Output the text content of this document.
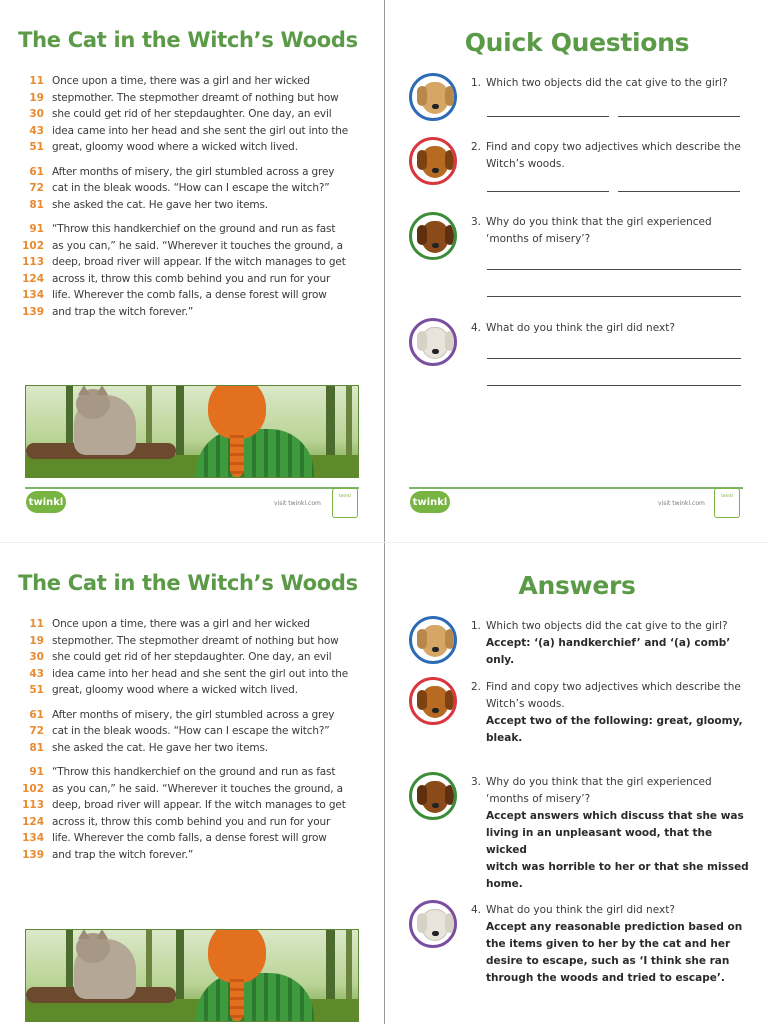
The Cat in the Witch’s Woods
11 Once upon a time, there was a girl and her wicked
19 stepmother. The stepmother dreamt of nothing but how
30 she could get rid of her stepdaughter. One day, an evil
43 idea came into her head and she sent the girl out into the
51 great, gloomy wood where a wicked witch lived.
61 After months of misery, the girl stumbled across a grey
72 cat in the bleak woods. “How can I escape the witch?”
81 she asked the cat. He gave her two items.
91 “Throw this handkerchief on the ground and run as fast
102 as you can,” he said. “Wherever it touches the ground, a
113 deep, broad river will appear. If the witch manages to get
124 across it, throw this comb behind you and run for your
134 life. Wherever the comb falls, a dense forest will grow
139 and trap the witch forever.”
twinkl	visit twinkl.com
twinkl
Quick Questions
1. Which two objects did the cat give to the girl?
2. Find and copy two adjectives which describe the
Witch’s woods.
3. Why do you think that the girl experienced
‘months of misery’?
4. What do you think the girl did next?
twinkl	visit twinkl.com
twinkl
The Cat in the Witch’s Woods
11 Once upon a time, there was a girl and her wicked
19 stepmother. The stepmother dreamt of nothing but how
30 she could get rid of her stepdaughter. One day, an evil
43 idea came into her head and she sent the girl out into the
51 great, gloomy wood where a wicked witch lived.
61 After months of misery, the girl stumbled across a grey
72 cat in the bleak woods. “How can I escape the witch?”
81 she asked the cat. He gave her two items.
91 “Throw this handkerchief on the ground and run as fast
102 as you can,” he said. “Wherever it touches the ground, a
113 deep, broad river will appear. If the witch manages to get
124 across it, throw this comb behind you and run for your
134 life. Wherever the comb falls, a dense forest will grow
139 and trap the witch forever.”
Answers
1. Which two objects did the cat give to the girl?
Accept: ‘(a) handkerchief’ and ‘(a) comb’ only.
2. Find and copy two adjectives which describe the
Witch’s woods.
Accept two of the following: great, gloomy,
bleak.
3. Why do you think that the girl experienced
‘months of misery’?
Accept answers which discuss that she was
living in an unpleasant wood, that the wicked
witch was horrible to her or that she missed
home.
4. What do you think the girl did next?
Accept any reasonable prediction based on
the items given to her by the cat and her
desire to escape, such as ‘I think she ran
through the woods and tried to escape’.
